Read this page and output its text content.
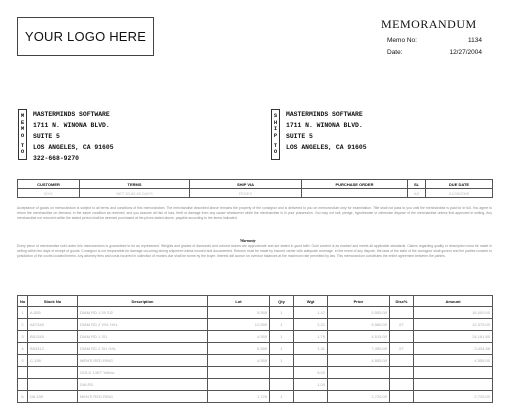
YOUR LOGO HERE
MEMORANDUM
Memo No:	1134
Date:	12/27/2004
M
E
M
O
T
O
MASTERMINDS SOFTWARE
1711 N. WINONA BLVD.
SUITE 5
LOS ANGELES, CA 91605
322-668-9270
S
H
I
P
T
O
MASTERMINDS SOFTWARE
1711 N. WINONA BLVD.
SUITE 5
LOS ANGELES, CA 91605
CUSTOMER	TERMS	SHIP VIA	PURCHASE ORDER	SL	DUE DATE
0001	NET 30,60,90 DAYS	FEDEX		AS	01/28/2005
Acceptance of goods on memorandum is subject to all terms and conditions of this memorandum. The merchandise described above remains the property of the consignor and is delivered to you on memorandum only for examination. Title shall not pass to you until the merchandise is paid for in full. You agree to return the merchandise on demand, in the same condition as received, and you assume all risk of loss, theft or damage from any cause whatsoever while the merchandise is in your possession. You may not sell, pledge, hypothecate or otherwise dispose of the merchandise unless first approved in writing. Any merchandise not returned within the stated period shall be deemed purchased at the prices stated above, payable according to the terms indicated.
Warranty
Every piece of merchandise sold under this memorandum is guaranteed to be as represented. Weights and grades of diamonds and colored stones are approximate and are stated in good faith. Gold content is as marked and meets all applicable standards. Claims regarding quality or description must be made in writing within ten days of receipt of goods. Consignor is not responsible for damage occurring during shipment unless insured and documented. Returns must be made by insured carrier with adequate coverage. In the event of any dispute, the laws of the state of the consignor shall govern and the parties consent to jurisdiction of the courts located therein. Any attorney fees and costs incurred in collection of monies due shall be borne by the buyer. Interest will accrue on overdue balances at the maximum rate permitted by law. This memorandum constitutes the entire agreement between the parties.
No	Stock No	Description	Lot	Qty	Wgt	Price	Disc%	Amount
1	A-555	DIAM RD 1.25 SI2	5,555	1	1.47	5,555.00		16,000.00
2	A57345	DIAM RD 2 VS1 HXL	12,555	1	2.21	5,565.00	67	12,375.00
3	B51345	DIAM RD 1 SI1	4,555	1	1.79	4,515.00		24,161.85
4	B53312	DIAM RD 2 SI1 HXL	5,555	1	1.31	7,455.00	57	3,434.88
5	C-195	MEN'S RED RING	4,555	1		4,555.00		4,555.00
		GOLD 14KT Yellow			5.00			
		DIA RD			1.00			
6	D6-195	MEN'S RED RING	1,725	1		2,725.00		2,725.00
